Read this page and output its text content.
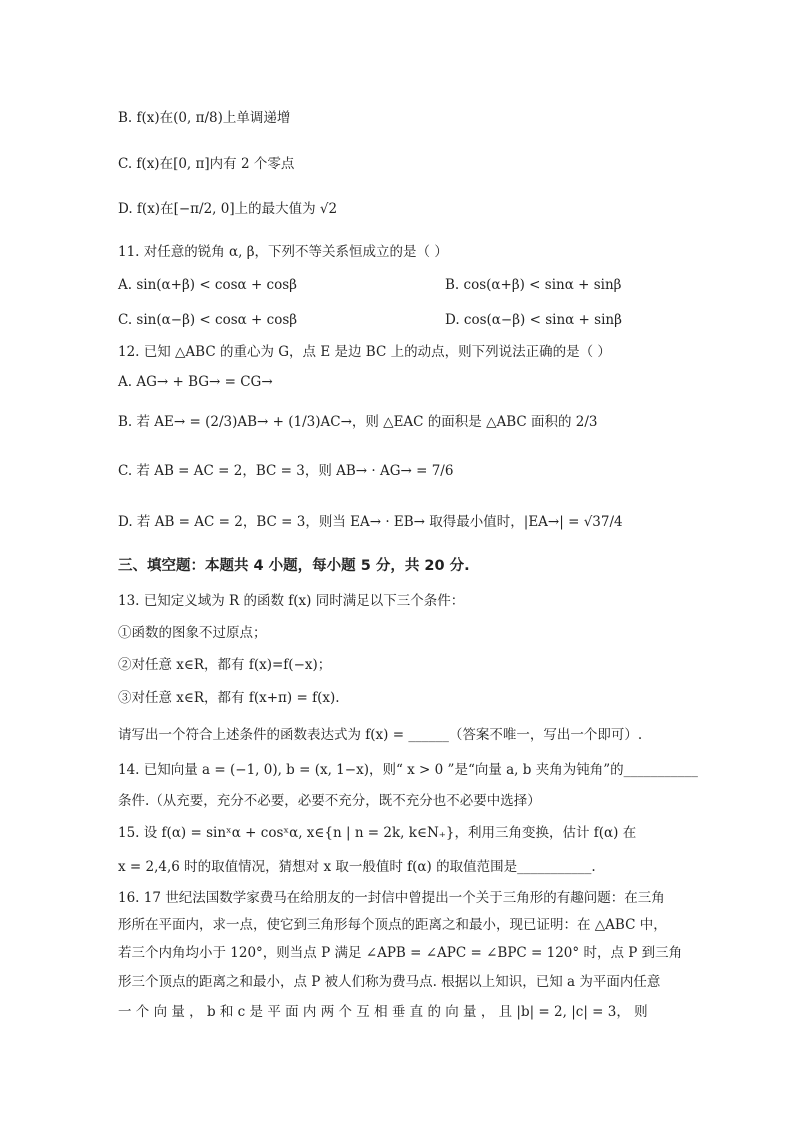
B. f(x)在(0, π/8)上单调递增
C. f(x)在[0, π]内有 2 个零点
D. f(x)在[−π/2, 0]上的最大值为 √2
11. 对任意的锐角 α, β，下列不等关系恒成立的是（ ）
A. sin(α+β) < cosα + cosβ	B. cos(α+β) < sinα + sinβ
C. sin(α−β) < cosα + cosβ	D. cos(α−β) < sinα + sinβ
12. 已知 △ABC 的重心为 G，点 E 是边 BC 上的动点，则下列说法正确的是（ ）
A. AG→ + BG→ = CG→
B. 若 AE→ = (2/3)AB→ + (1/3)AC→，则 △EAC 的面积是 △ABC 面积的 2/3
C. 若 AB = AC = 2，BC = 3，则 AB→ · AG→ = 7/6
D. 若 AB = AC = 2，BC = 3，则当 EA→ · EB→ 取得最小值时，|EA→| = √37/4
三、填空题：本题共 4 小题，每小题 5 分，共 20 分.
13. 已知定义域为 R 的函数 f(x) 同时满足以下三个条件：
①函数的图象不过原点；
②对任意 x∈R，都有 f(x)=f(−x)；
③对任意 x∈R，都有 f(x+π) = f(x).
请写出一个符合上述条件的函数表达式为 f(x) = ______（答案不唯一，写出一个即可）.
14. 已知向量 a = (−1, 0), b = (x, 1−x)，则“ x > 0 ”是“向量 a, b 夹角为钝角”的___________
条件.（从充要，充分不必要，必要不充分，既不充分也不必要中选择）
15. 设 f(α) = sinˣα + cosˣα, x∈{n | n = 2k, k∈N₊}，利用三角变换，估计 f(α) 在
x = 2,4,6 时的取值情况，猜想对 x 取一般值时 f(α) 的取值范围是___________.
16. 17 世纪法国数学家费马在给朋友的一封信中曾提出一个关于三角形的有趣问题：在三角
形所在平面内，求一点，使它到三角形每个顶点的距离之和最小，现已证明：在 △ABC 中，
若三个内角均小于 120°，则当点 P 满足 ∠APB = ∠APC = ∠BPC = 120° 时，点 P 到三角
形三个顶点的距离之和最小，点 P 被人们称为费马点. 根据以上知识，已知 a 为平面内任意
一 个 向 量 ， b 和 c 是 平 面 内 两 个 互 相 垂 直 的 向 量 ， 且 |b| = 2, |c| = 3， 则
